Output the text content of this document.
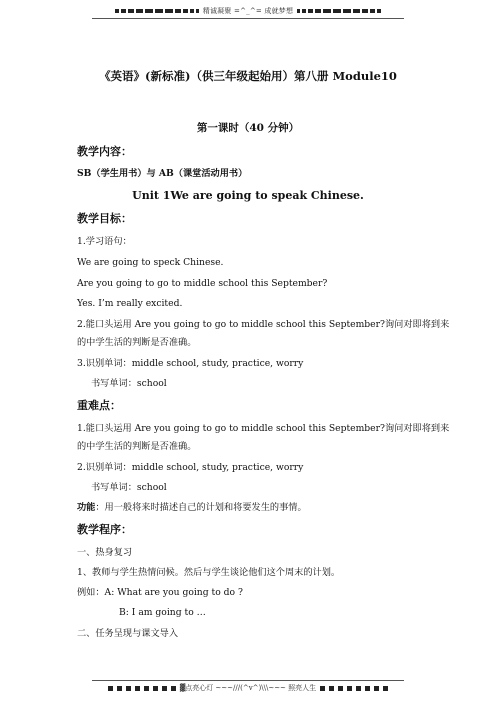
精诚凝聚 =^_^= 成就梦想
《英语》(新标准)（供三年级起始用）第八册 Module10
第一课时（40 分钟）
教学内容：
SB（学生用书）与 AB（课堂活动用书）
Unit 1We are going to speak Chinese.
教学目标：
1.学习语句：
We are going to speck Chinese.
Are you going to go to middle school this September?
Yes. I’m really excited.
2.能口头运用 Are you going to go to middle school this September?询问对即将到来
的中学生活的判断是否准确。
3.识别单词：middle school, study, practice, worry
书写单词：school
重难点：
1.能口头运用 Are you going to go to middle school this September?询问对即将到来
的中学生活的判断是否准确。
2.识别单词：middle school, study, practice, worry
书写单词：school
功能：用一般将来时描述自己的计划和将要发生的事情。
教学程序：
一、热身复习
1、教师与学生热情问候。然后与学生谈论他们这个周末的计划。
例如：A: What are you going to do ?
B: I am going to …
二、任务呈现与课文导入
▓点亮心灯 ~~~///(^v^)\\\~~~ 照亮人生
